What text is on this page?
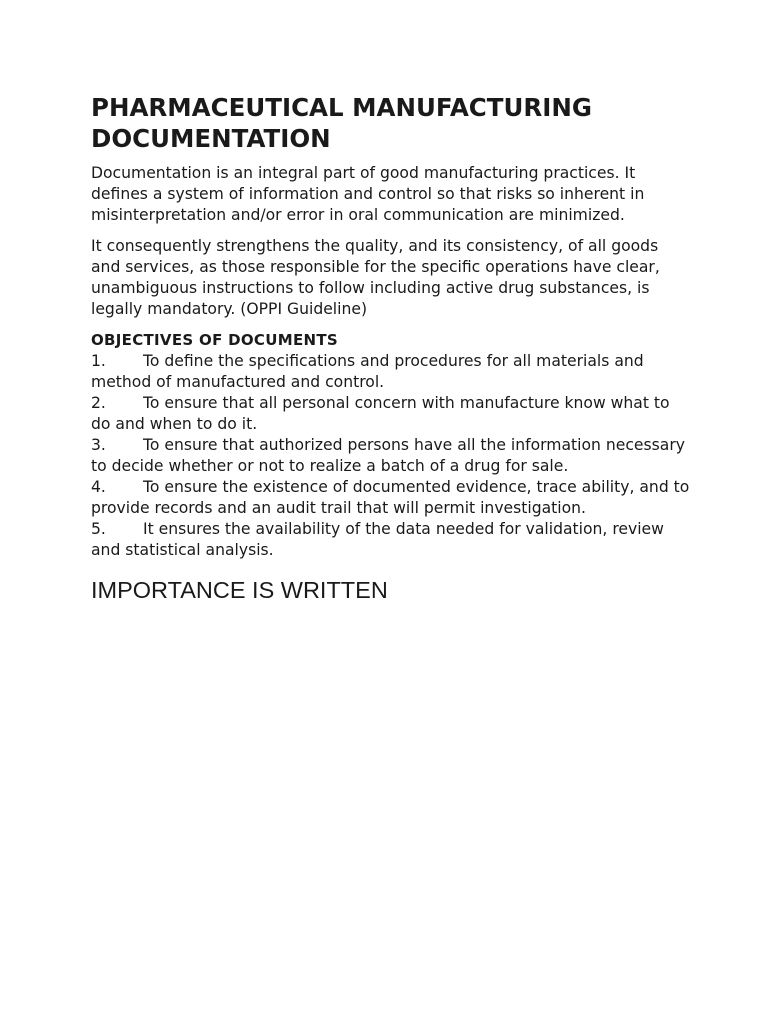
PHARMACEUTICAL MANUFACTURING DOCUMENTATION

Documentation is an integral part of good manufacturing practices. It defines a system of information and control so that risks so inherent in misinterpretation and/or error in oral communication are minimized.

It consequently strengthens the quality, and its consistency, of all goods and services, as those responsible for the specific operations have clear, unambiguous instructions to follow including active drug substances, is legally mandatory. (OPPI Guideline)

OBJECTIVES OF DOCUMENTS
1. To define the specifications and procedures for all materials and method of manufactured and control.
2. To ensure that all personal concern with manufacture know what to do and when to do it.
3. To ensure that authorized persons have all the information necessary to decide whether or not to realize a batch of a drug for sale.
4. To ensure the existence of documented evidence, trace ability, and to provide records and an audit trail that will permit investigation.
5. It ensures the availability of the data needed for validation, review and statistical analysis.
IMPORTANCE IS WRITTEN
